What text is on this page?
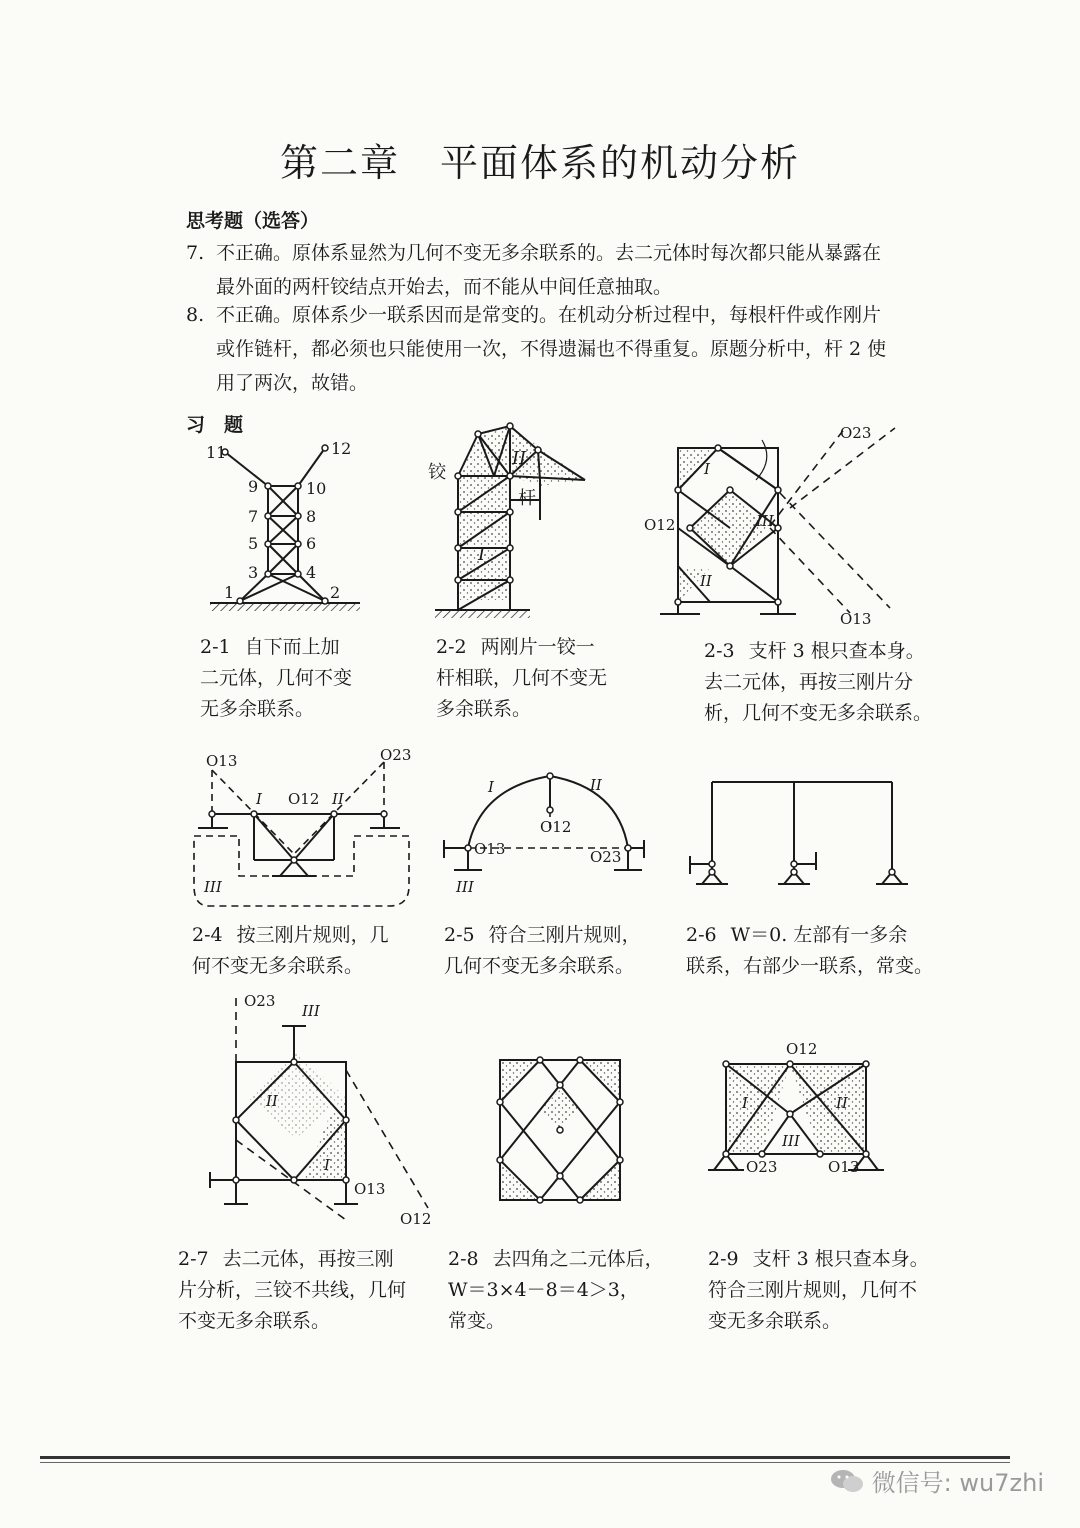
第二章　平面体系的机动分析
思考题（选答）
7. 不正确。原体系显然为几何不变无多余联系的。去二元体时每次都只能从暴露在
最外面的两杆铰结点开始去，而不能从中间任意抽取。
8. 不正确。原体系少一联系因而是常变的。在机动分析过程中，每根杆件或作刚片
或作链杆，都必须也只能使用一次，不得遗漏也不得重复。原题分析中，杆 2 使
用了两次，故错。
习　题
11	12
9	10
7	8
5	6
3	4
1	2
2-1 自下而上加
二元体，几何不变
无多余联系。
铰
杆
I
II
2-2 两刚片一铰一
杆相联，几何不变无
多余联系。
O23
O12
O13
I
II
III
2-3 支杆 3 根只查本身。
去二元体，再按三刚片分
析，几何不变无多余联系。
O13
O12
O23
I	II
III
2-4 按三刚片规则，几
何不变无多余联系。
I	II
O12
O13	O23
III
2-5 符合三刚片规则，
几何不变无多余联系。
2-6 W＝0. 左部有一多余
联系，右部少一联系，常变。
O23
III
II
I
O13
O12
2-7 去二元体，再按三刚
片分析，三铰不共线，几何
不变无多余联系。
2-8 去四角之二元体后，
W＝3×4－8＝4＞3，
常变。
O12
I	II
III
O23	O13
2-9 支杆 3 根只查本身。
符合三刚片规则，几何不
变无多余联系。
微信号: wu7zhi
